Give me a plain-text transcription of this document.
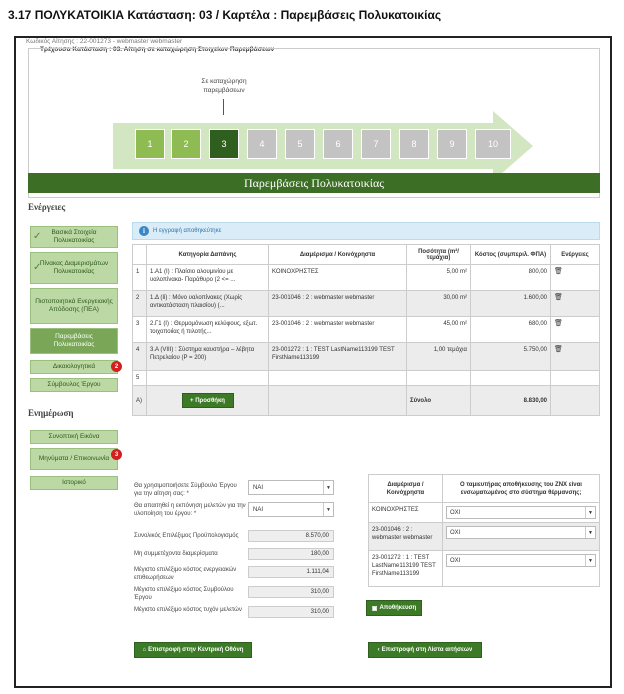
3.17 ΠΟΛΥΚΑΤΟΙΚΙΑ Κατάσταση: 03 / Καρτέλα : Παρεμβάσεις Πολυκατοικίας
Κωδικός Αίτησης : 22-001273 - webmaster webmaster
Τρέχουσα Κατάσταση : 03. Αίτηση σε καταχώρηση Στοιχείων Παρεμβάσεων
Σε καταχώρηση παρεμβάσεων
1	2	3	4	5	6	7	8	9	10
Παρεμβάσεις Πολυκατοικίας
Ενέργειες
✓	Βασικά Στοιχεία Πολυκατοικίας
✓
Πίνακας Διαμερισμάτων Πολυκατοικίας
Πιστοποιητικά Ενεργειακής Απόδοσης (ΠΕΑ)
Παρεμβάσεις Πολυκατοικίας
Δικαιολογητικά	2
Σύμβουλος Έργου
Ενημέρωση
Συνοπτική Εικόνα
Μηνύματα / Επικοινωνία
3
Ιστορικό
i	Η εγγραφή αποθηκεύτηκε
	Κατηγορία Δαπάνης	Διαμέρισμα / Κοινόχρηστα	Ποσότητα (m²/τεμάχια)	Κόστος (συμπεριλ. ΦΠΑ)	Ενέργειες
1	1.Α1 (Ι) : Πλαίσιο αλουμινίου με υαλοπίνακα- Παράθυρο (2 <= ...	ΚΟΙΝΟΧΡΗΣΤΕΣ	5,00 m²	800,00	🗑
2	1.Δ (Ιί) : Μόνο υαλοπίνακες (Χωρίς αντικατάσταση πλαισίου) (...	23-001046 : 2 : webmaster webmaster	30,00 m²	1.600,00	🗑
3	2.Γ1 (Ι) : Θερμομόνωση κελύφους, εξωτ. τοιχοποιίας ή πιλοτής...	23-001046 : 2 : webmaster webmaster	45,00 m²	680,00	🗑
4	3.Α (VIII) : Σύστημα καυστήρα – λέβητα Πετρελαίου (P = 200)	23-001272 : 1 : TEST LastName113199 TEST FirstName113199	1,00 τεμάχια	5.750,00	🗑
5					
Α)	+ Προσθήκη		Σύνολο	8.830,00	
Θα χρησιμοποιήσετε Σύμβουλο Έργου για την αίτηση σας: *
ΝΑΙ	▼
Θα απαιτηθεί η εκπόνηση μελετών για την υλοποίηση του έργου: *
ΝΑΙ	▼
Συνολικός Επιλέξιμος Προϋπολογισμός	8.570,00
Μη συμμετέχοντα διαμερίσματα	180,00
Μέγιστο επιλέξιμο κόστος ενεργειακών επιθεωρήσεων
1.111,04
Μέγιστο επιλέξιμο κόστος Συμβούλου Έργου
310,00
Μέγιστο επιλέξιμο κόστος τυχόν μελετών	310,00
Διαμέρισμα / Κοινόχρηστα	Ο ταμιευτήρας αποθήκευσης του ΖΝΧ είναι ενσωματωμένος στο σύστημα θέρμανσης;
ΚΟΙΝΟΧΡΗΣΤΕΣ	ΟΧΙ ▼

23-001046 : 2 : webmaster webmaster	ΟΧΙ ▼

23-001272 : 1 : TEST LastName113199 TEST FirstName113199	ΟΧΙ ▼
▣ Αποθήκευση
⌂ Επιστροφή στην Κεντρική Οθόνη	‹ Επιστροφή στη Λίστα αιτήσεων
